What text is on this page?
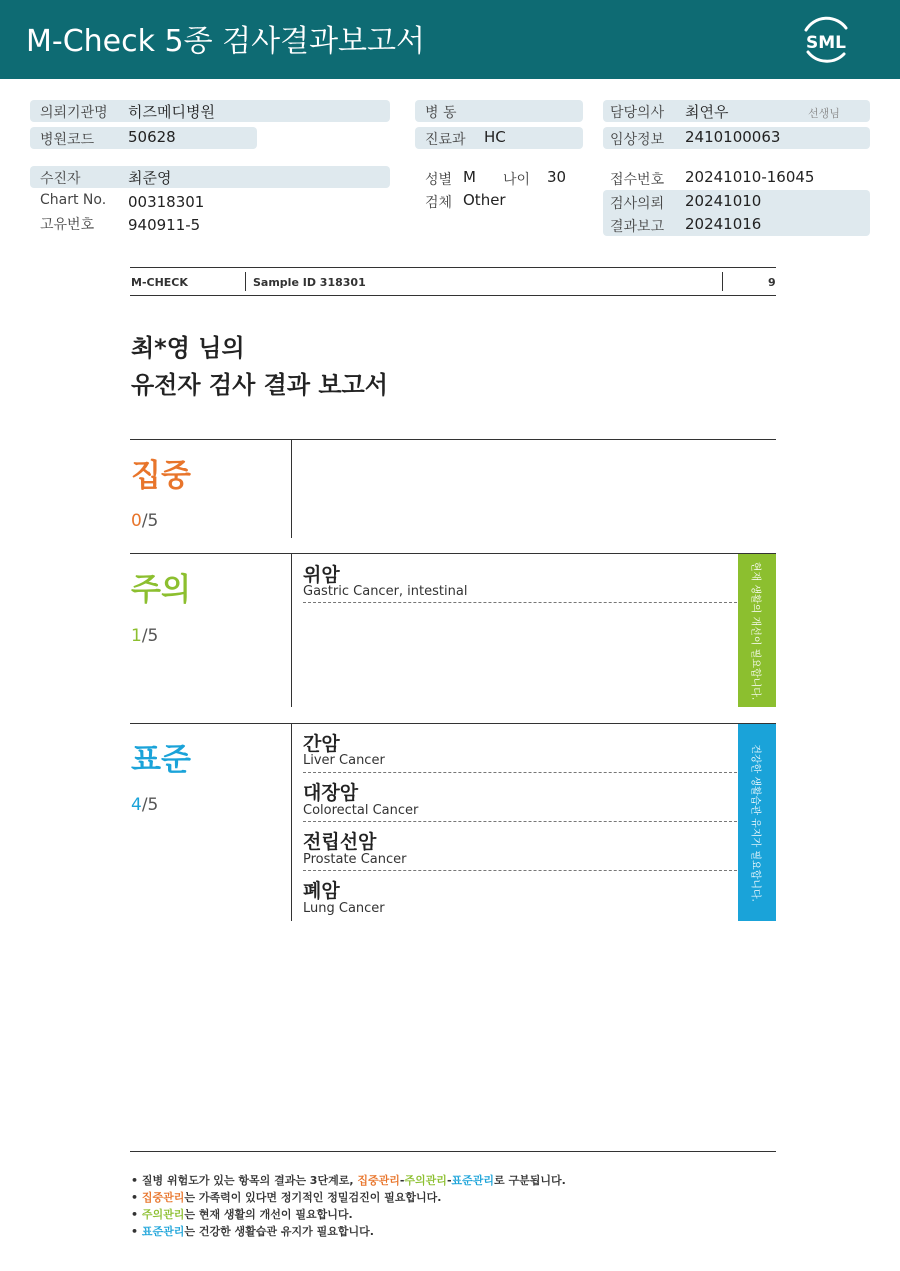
M-Check 5종 검사결과보고서	SML
의뢰기관명 히즈메디병원
병원코드 50628
병 동
진료과 HC
담당의사 최연우	선생님
임상정보 2410100063
수진자	최준영
Chart No. 00318301
고유번호 940911-5
성별 M 나이 30
검체 Other
접수번호 20241010-16045
검사의뢰 20241010
결과보고 20241016
M-CHECK	Sample ID 318301	9
최*영 님의
유전자 검사 결과 보고서
집중
0/5
주의
1/5
위암
Gastric Cancer, intestinal	현재 생활의 개선이 필요합니다.
표준
4/5
간암
Liver Cancer
대장암
Colorectal Cancer
전립선암
Prostate Cancer
폐암
Lung Cancer
건강한 생활습관 유지가 필요합니다.
• 질병 위험도가 있는 항목의 결과는 3단계로, 집중관리-주의관리-표준관리로 구분됩니다.
• 집중관리는 가족력이 있다면 정기적인 정밀검진이 필요합니다.
• 주의관리는 현재 생활의 개선이 필요합니다.
• 표준관리는 건강한 생활습관 유지가 필요합니다.
